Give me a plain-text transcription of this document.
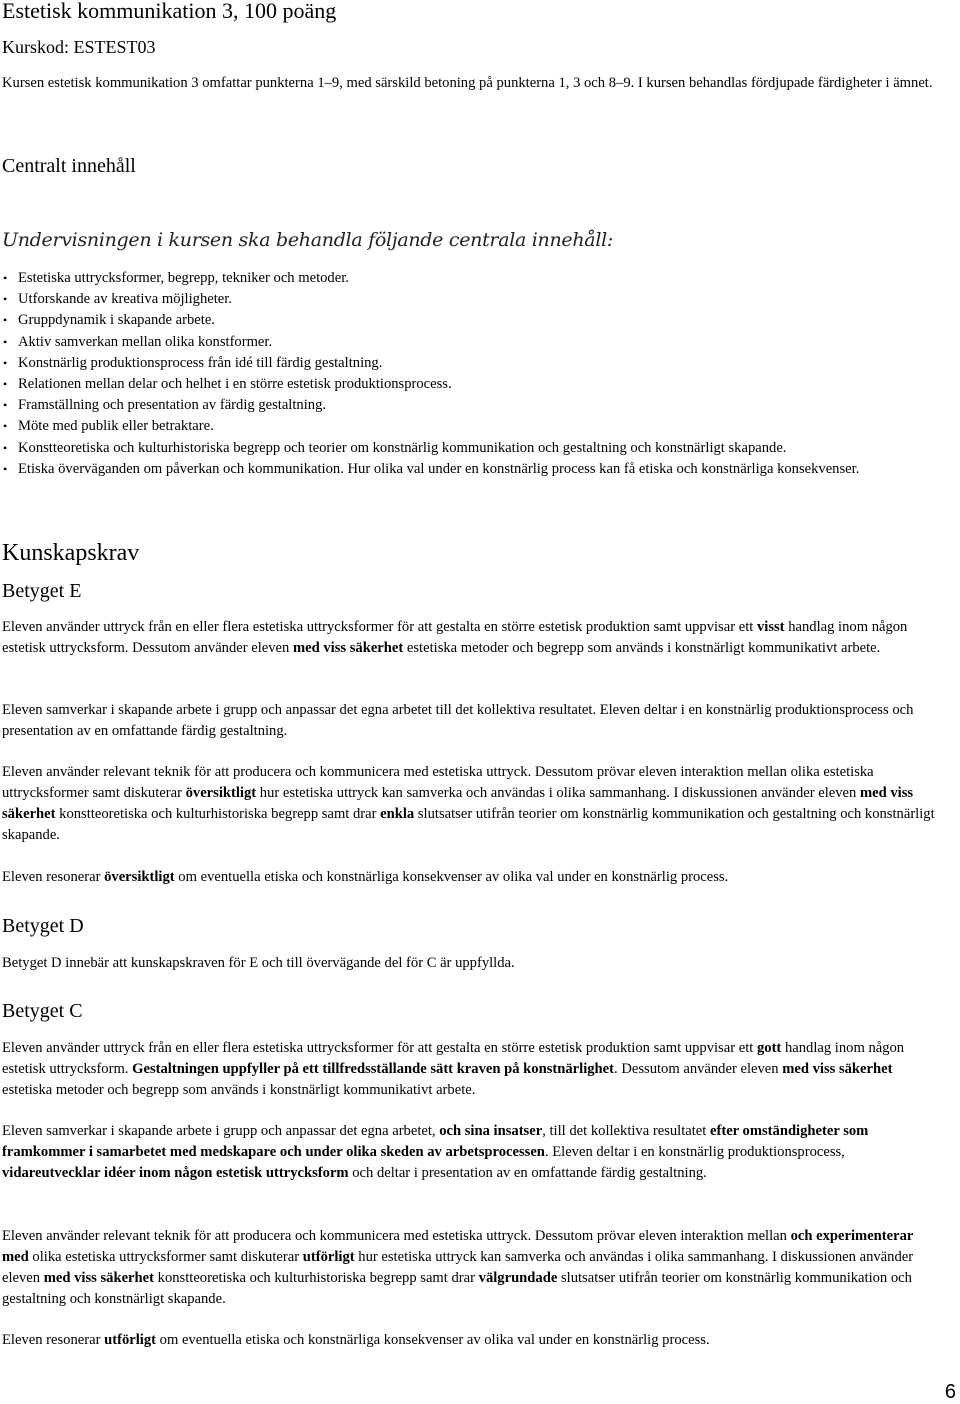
Estetisk kommunikation 3, 100 poäng
Kurskod: ESTEST03

Kursen estetisk kommunikation 3 omfattar punkterna 1–9, med särskild betoning på punkterna 1, 3 och 8–9. I kursen behandlas fördjupade färdigheter i ämnet.

Centralt innehåll
Undervisningen i kursen ska behandla följande centrala innehåll:
• Estetiska uttrycksformer, begrepp, tekniker och metoder.
• Utforskande av kreativa möjligheter.
• Gruppdynamik i skapande arbete.
• Aktiv samverkan mellan olika konstformer.
• Konstnärlig produktionsprocess från idé till färdig gestaltning.
• Relationen mellan delar och helhet i en större estetisk produktionsprocess.
• Framställning och presentation av färdig gestaltning.
• Möte med publik eller betraktare.
• Konstteoretiska och kulturhistoriska begrepp och teorier om konstnärlig kommunikation och gestaltning och konstnärligt skapande.
• Etiska överväganden om påverkan och kommunikation. Hur olika val under en konstnärlig process kan få etiska och konstnärliga konsekvenser.
Kunskapskrav
Betyget E

Eleven använder uttryck från en eller flera estetiska uttrycksformer för att gestalta en större estetisk produktion samt uppvisar ett visst handlag inom någon estetisk uttrycksform. Dessutom använder eleven med viss säkerhet estetiska metoder och begrepp som används i konstnärligt kommunikativt arbete.

Eleven samverkar i skapande arbete i grupp och anpassar det egna arbetet till det kollektiva resultatet. Eleven deltar i en konstnärlig produktionsprocess och presentation av en omfattande färdig gestaltning.

Eleven använder relevant teknik för att producera och kommunicera med estetiska uttryck. Dessutom prövar eleven interaktion mellan olika estetiska uttrycksformer samt diskuterar översiktligt hur estetiska uttryck kan samverka och användas i olika sammanhang. I diskussionen använder eleven med viss säkerhet konstteoretiska och kulturhistoriska begrepp samt drar enkla slutsatser utifrån teorier om konstnärlig kommunikation och gestaltning och konstnärligt skapande.

Eleven resonerar översiktligt om eventuella etiska och konstnärliga konsekvenser av olika val under en konstnärlig process.

Betyget D

Betyget D innebär att kunskapskraven för E och till övervägande del för C är uppfyllda.

Betyget C

Eleven använder uttryck från en eller flera estetiska uttrycksformer för att gestalta en större estetisk produktion samt uppvisar ett gott handlag inom någon estetisk uttrycksform. Gestaltningen uppfyller på ett tillfredsställande sätt kraven på konstnärlighet. Dessutom använder eleven med viss säkerhet estetiska metoder och begrepp som används i konstnärligt kommunikativt arbete.

Eleven samverkar i skapande arbete i grupp och anpassar det egna arbetet, och sina insatser, till det kollektiva resultatet efter omständigheter som framkommer i samarbetet med medskapare och under olika skeden av arbetsprocessen. Eleven deltar i en konstnärlig produktionsprocess, vidareutvecklar idéer inom någon estetisk uttrycksform och deltar i presentation av en omfattande färdig gestaltning.

Eleven använder relevant teknik för att producera och kommunicera med estetiska uttryck. Dessutom prövar eleven interaktion mellan och experimenterar med olika estetiska uttrycksformer samt diskuterar utförligt hur estetiska uttryck kan samverka och användas i olika sammanhang. I diskussionen använder eleven med viss säkerhet konstteoretiska och kulturhistoriska begrepp samt drar välgrundade slutsatser utifrån teorier om konstnärlig kommunikation och gestaltning och konstnärligt skapande.

Eleven resonerar utförligt om eventuella etiska och konstnärliga konsekvenser av olika val under en konstnärlig process.

6
